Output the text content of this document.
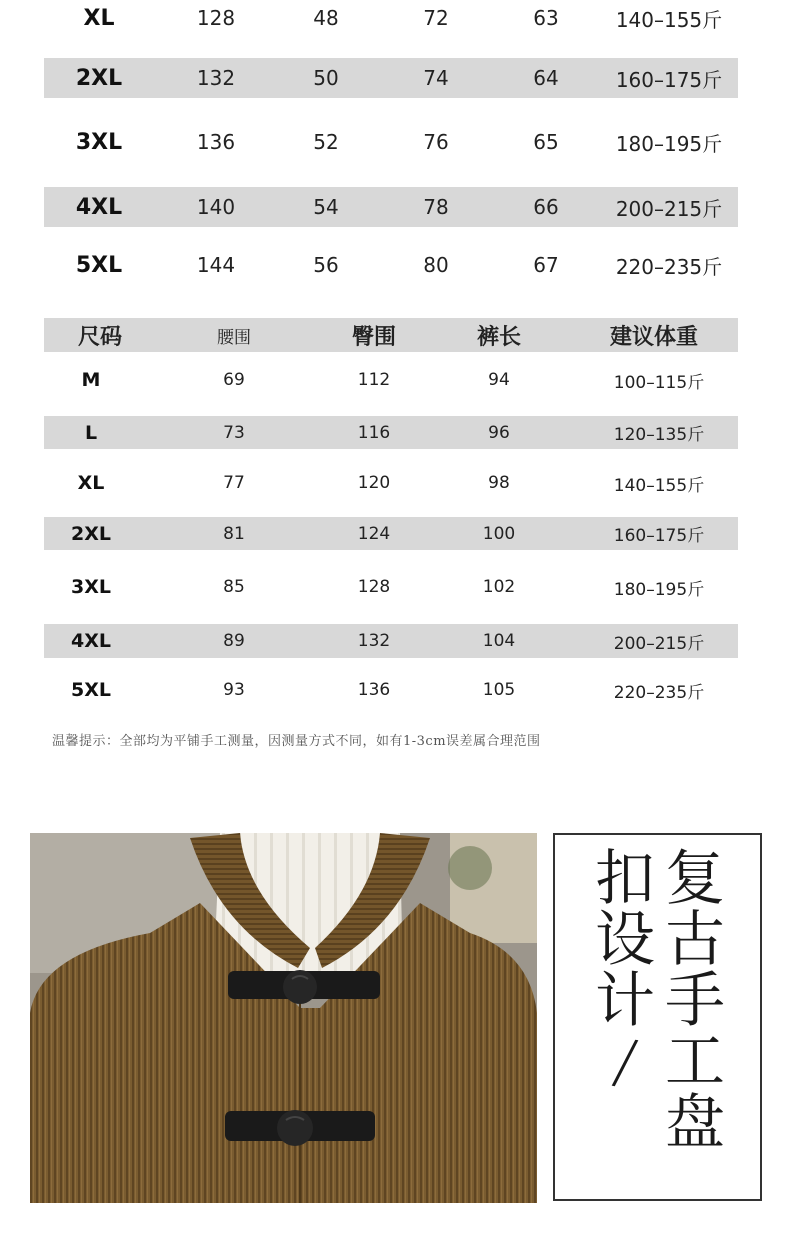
XL	128	48	72	63	140–155斤
2XL	132	50	74	64	160–175斤
3XL	136	52	76	65	180–195斤
4XL	140	54	78	66	200–215斤
5XL	144	56	80	67	220–235斤
尺码	腰围	臀围	裤长	建议体重
M	69	112	94	100–115斤
L	73	116	96	120–135斤
XL	77	120	98	140–155斤
2XL	81	124	100	160–175斤
3XL	85	128	102	180–195斤
4XL	89	132	104	200–215斤
5XL	93	136	105	220–235斤
温馨提示：全部均为平铺手工测量，因测量方式不同，如有1-3cm误差属合理范围
复
古
手
工
盘
扣
设
计
/
